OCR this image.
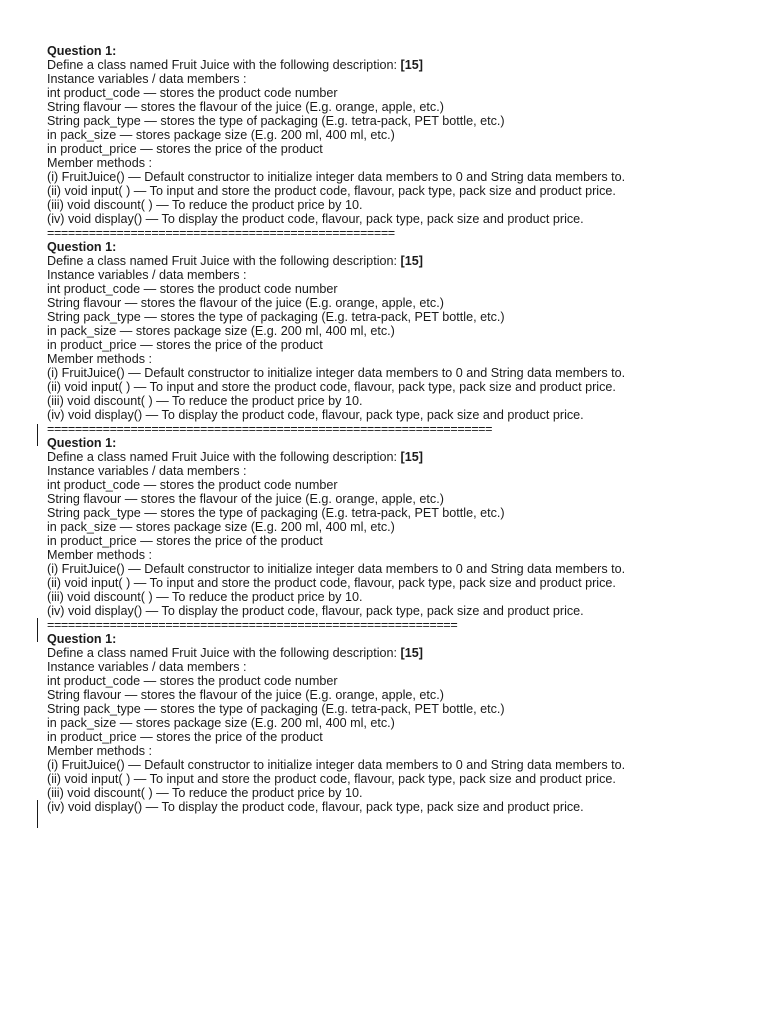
Question 1:
Define a class named Fruit Juice with the following description: [15]
Instance variables / data members :
int product_code — stores the product code number
String flavour — stores the flavour of the juice (E.g. orange, apple, etc.)
String pack_type — stores the type of packaging (E.g. tetra-pack, PET bottle, etc.)
in pack_size — stores package size (E.g. 200 ml, 400 ml, etc.)
in product_price — stores the price of the product
Member methods :
(i) FruitJuice() — Default constructor to initialize integer data members to 0 and String data members to.
(ii) void input( ) — To input and store the product code, flavour, pack type, pack size and product price.
(iii) void discount( ) — To reduce the product price by 10.
(iv) void display() — To display the product code, flavour, pack type, pack size and product price.
==================================================
Question 1:
Define a class named Fruit Juice with the following description: [15]
Instance variables / data members :
int product_code — stores the product code number
String flavour — stores the flavour of the juice (E.g. orange, apple, etc.)
String pack_type — stores the type of packaging (E.g. tetra-pack, PET bottle, etc.)
in pack_size — stores package size (E.g. 200 ml, 400 ml, etc.)
in product_price — stores the price of the product
Member methods :
(i) FruitJuice() — Default constructor to initialize integer data members to 0 and String data members to.
(ii) void input( ) — To input and store the product code, flavour, pack type, pack size and product price.
(iii) void discount( ) — To reduce the product price by 10.
(iv) void display() — To display the product code, flavour, pack type, pack size and product price.
================================================================
Question 1:
Define a class named Fruit Juice with the following description: [15]
Instance variables / data members :
int product_code — stores the product code number
String flavour — stores the flavour of the juice (E.g. orange, apple, etc.)
String pack_type — stores the type of packaging (E.g. tetra-pack, PET bottle, etc.)
in pack_size — stores package size (E.g. 200 ml, 400 ml, etc.)
in product_price — stores the price of the product
Member methods :
(i) FruitJuice() — Default constructor to initialize integer data members to 0 and String data members to.
(ii) void input( ) — To input and store the product code, flavour, pack type, pack size and product price.
(iii) void discount( ) — To reduce the product price by 10.
(iv) void display() — To display the product code, flavour, pack type, pack size and product price.
===========================================================
Question 1:
Define a class named Fruit Juice with the following description: [15]
Instance variables / data members :
int product_code — stores the product code number
String flavour — stores the flavour of the juice (E.g. orange, apple, etc.)
String pack_type — stores the type of packaging (E.g. tetra-pack, PET bottle, etc.)
in pack_size — stores package size (E.g. 200 ml, 400 ml, etc.)
in product_price — stores the price of the product
Member methods :
(i) FruitJuice() — Default constructor to initialize integer data members to 0 and String data members to.
(ii) void input( ) — To input and store the product code, flavour, pack type, pack size and product price.
(iii) void discount( ) — To reduce the product price by 10.
(iv) void display() — To display the product code, flavour, pack type, pack size and product price.
